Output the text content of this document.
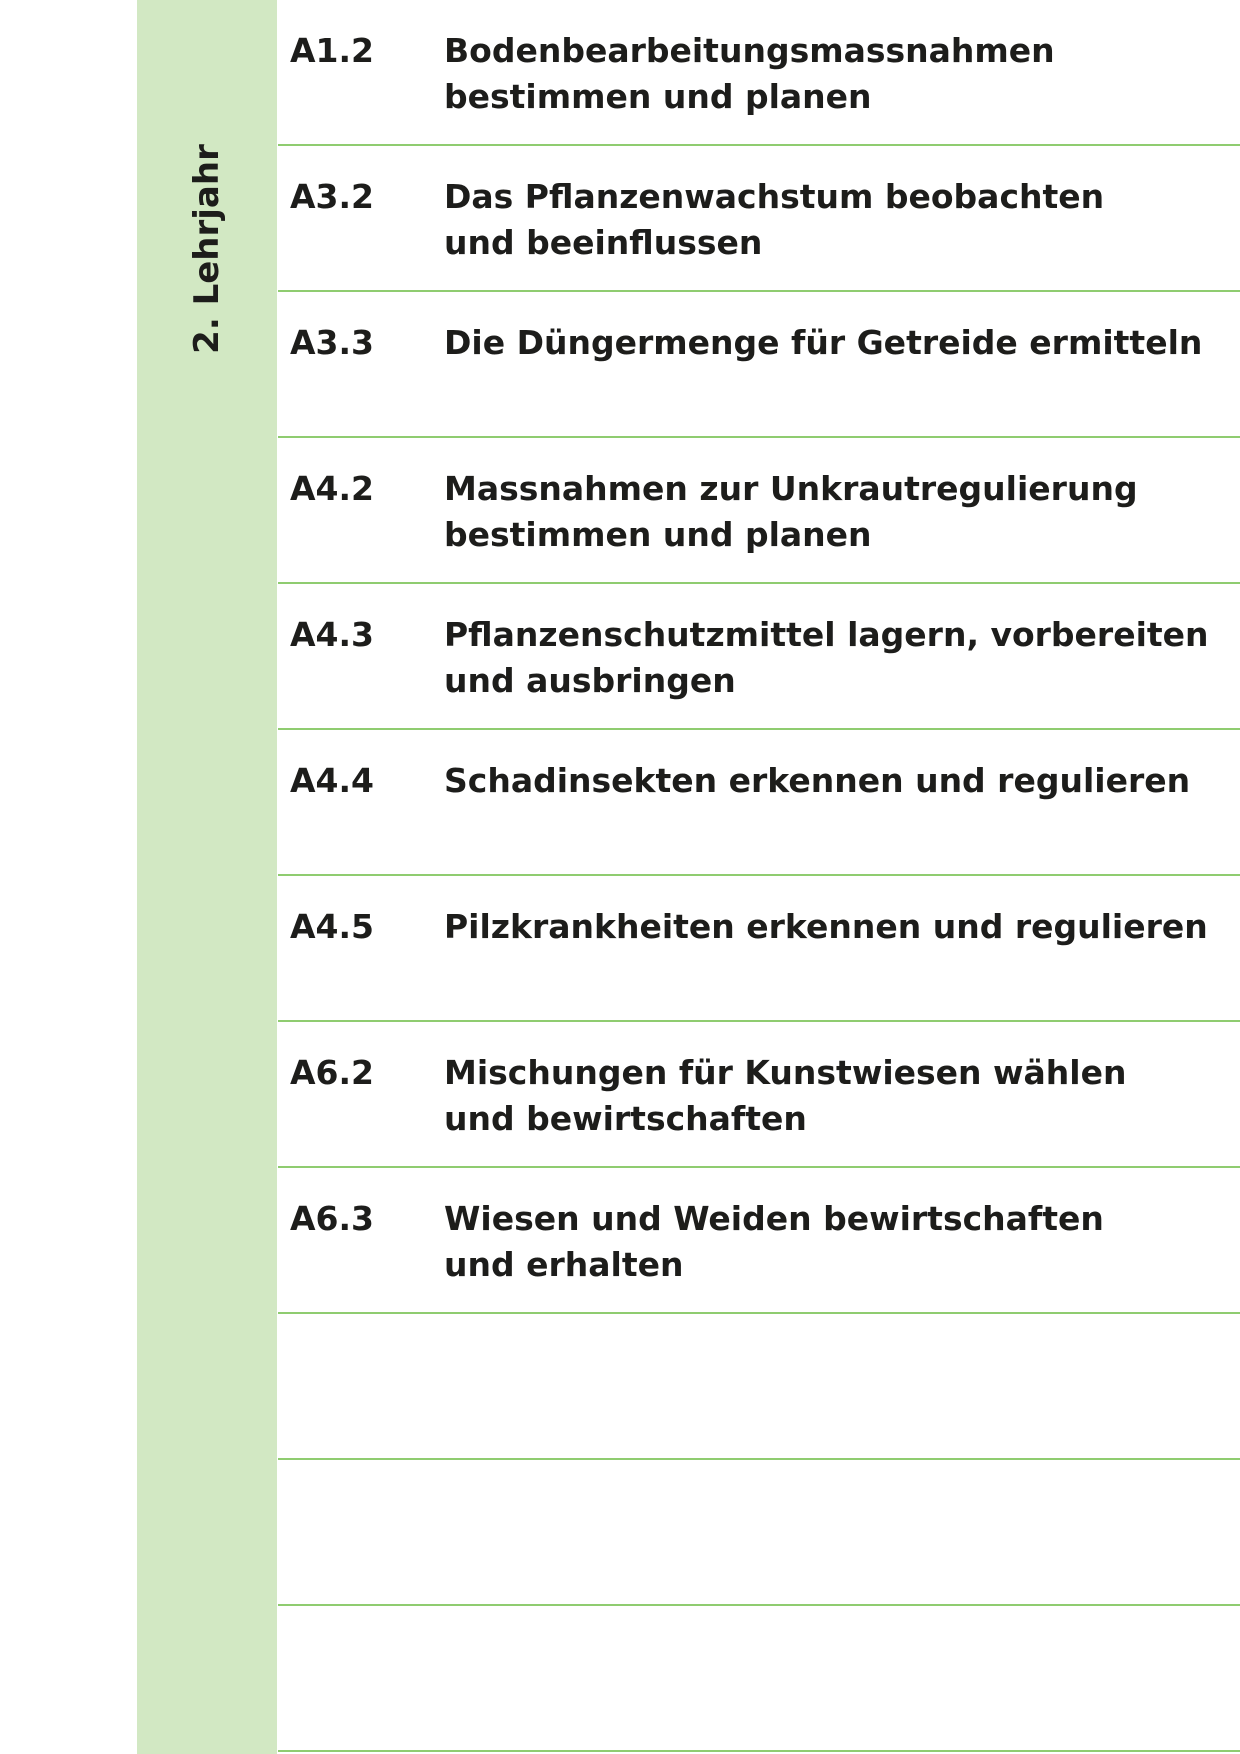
2. Lehrjahr
A1.2 Bodenbearbeitungsmassnahmen
bestimmen und planen
A3.2 Das Pflanzenwachstum beobachten
und beeinflussen
A3.3 Die Düngermenge für Getreide ermitteln
A4.2 Massnahmen zur Unkrautregulierung
bestimmen und planen
A4.3 Pflanzenschutzmittel lagern, vorbereiten
und ausbringen
A4.4 Schadinsekten erkennen und regulieren
A4.5 Pilzkrankheiten erkennen und regulieren
A6.2 Mischungen für Kunstwiesen wählen
und bewirtschaften
A6.3 Wiesen und Weiden bewirtschaften
und erhalten
